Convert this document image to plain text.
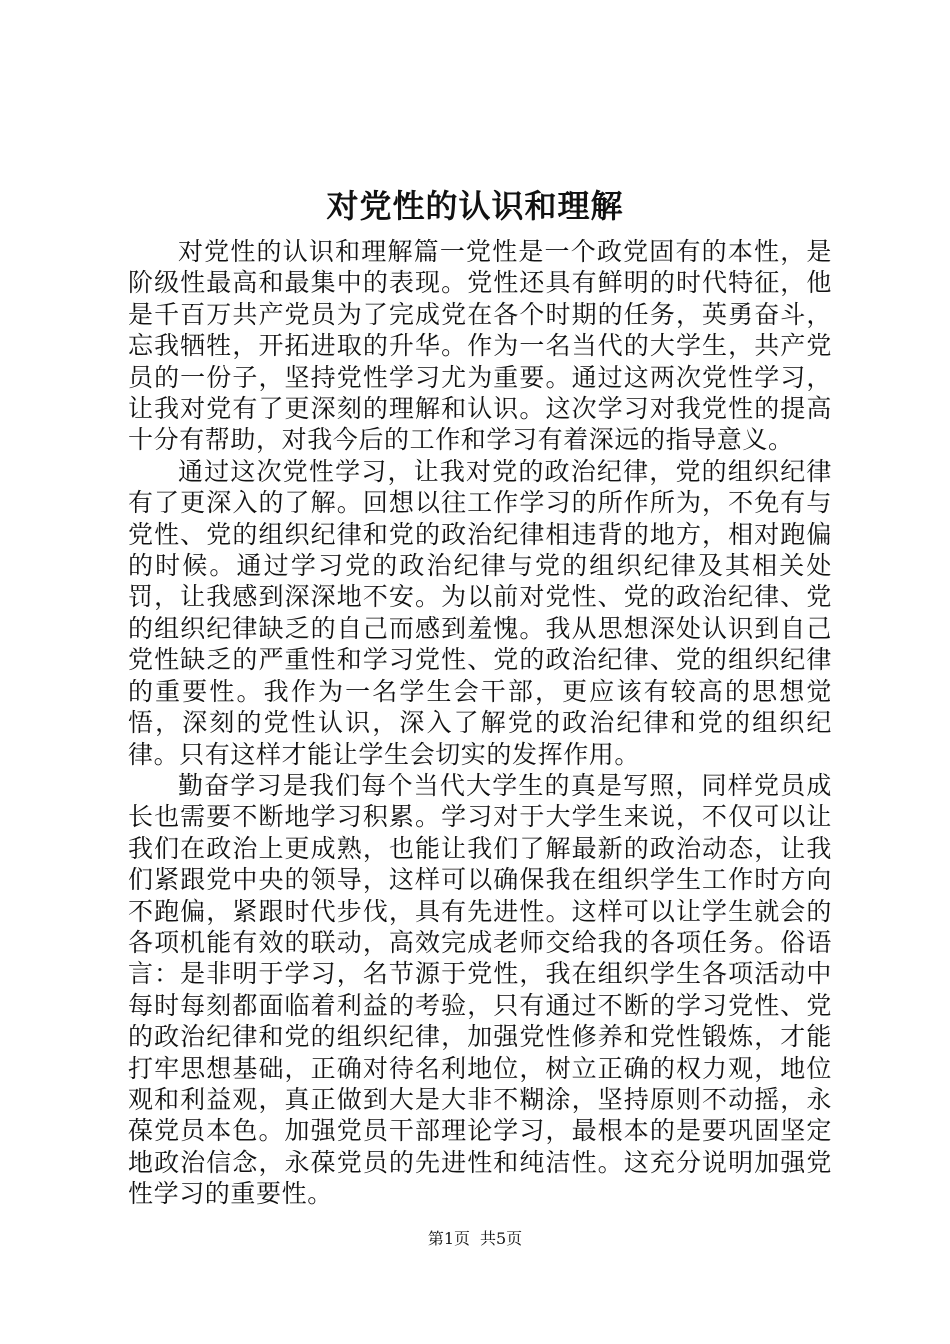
对党性的认识和理解

对党性的认识和理解篇一党性是一个政党固有的本性，是阶级性最高和最集中的表现。党性还具有鲜明的时代特征，他是千百万共产党员为了完成党在各个时期的任务，英勇奋斗，忘我牺牲，开拓进取的升华。作为一名当代的大学生，共产党员的一份子，坚持党性学习尤为重要。通过这两次党性学习，让我对党有了更深刻的理解和认识。这次学习对我党性的提高十分有帮助，对我今后的工作和学习有着深远的指导意义。

通过这次党性学习，让我对党的政治纪律，党的组织纪律有了更深入的了解。回想以往工作学习的所作所为，不免有与党性、党的组织纪律和党的政治纪律相违背的地方，相对跑偏的时候。通过学习党的政治纪律与党的组织纪律及其相关处罚，让我感到深深地不安。为以前对党性、党的政治纪律、党的组织纪律缺乏的自己而感到羞愧。我从思想深处认识到自己党性缺乏的严重性和学习党性、党的政治纪律、党的组织纪律的重要性。我作为一名学生会干部，更应该有较高的思想觉悟，深刻的党性认识，深入了解党的政治纪律和党的组织纪律。只有这样才能让学生会切实的发挥作用。

勤奋学习是我们每个当代大学生的真是写照，同样党员成长也需要不断地学习积累。学习对于大学生来说，不仅可以让我们在政治上更成熟，也能让我们了解最新的政治动态，让我们紧跟党中央的领导，这样可以确保我在组织学生工作时方向不跑偏，紧跟时代步伐，具有先进性。这样可以让学生就会的各项机能有效的联动，高效完成老师交给我的各项任务。俗语言：是非明于学习，名节源于党性，我在组织学生各项活动中每时每刻都面临着利益的考验，只有通过不断的学习党性、党的政治纪律和党的组织纪律，加强党性修养和党性锻炼，才能打牢思想基础，正确对待名利地位，树立正确的权力观，地位观和利益观，真正做到大是大非不糊涂，坚持原则不动摇，永葆党员本色。加强党员干部理论学习，最根本的是要巩固坚定地政治信念，永葆党员的先进性和纯洁性。这充分说明加强党性学习的重要性。

第1页 共5页
